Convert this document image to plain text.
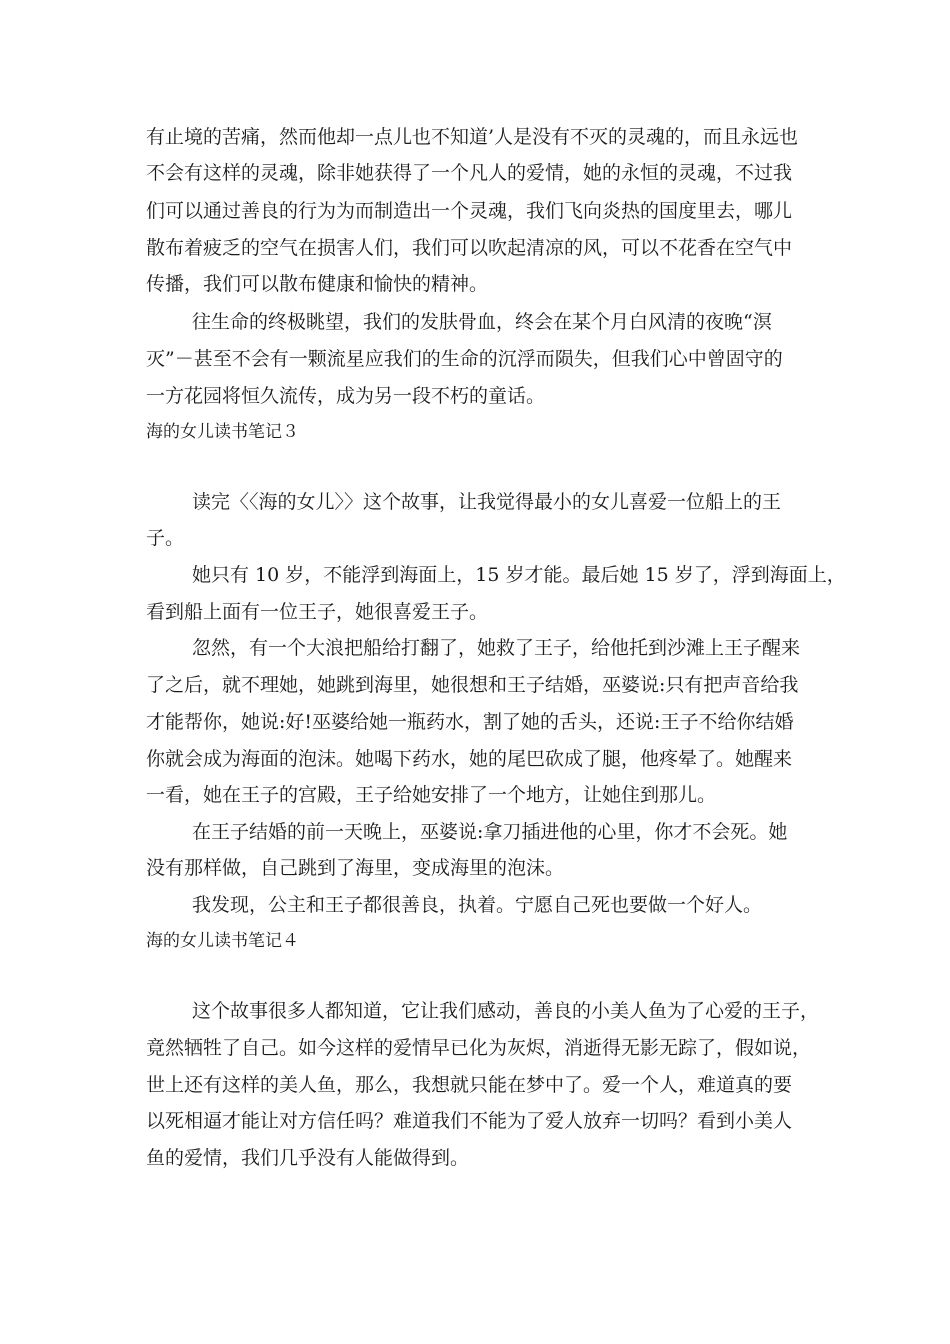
有止境的苦痛，然而他却一点儿也不知道’人是没有不灭的灵魂的，而且永远也
不会有这样的灵魂，除非她获得了一个凡人的爱情，她的永恒的灵魂，不过我
们可以通过善良的行为为而制造出一个灵魂，我们飞向炎热的国度里去，哪儿
散布着疲乏的空气在损害人们，我们可以吹起清凉的风，可以不花香在空气中
传播，我们可以散布健康和愉快的精神。
往生命的终极眺望，我们的发肤骨血，终会在某个月白风清的夜晚“溟
灭”－甚至不会有一颗流星应我们的生命的沉浮而陨失，但我们心中曾固守的
一方花园将恒久流传，成为另一段不朽的童话。
海的女儿读书笔记３
读完〈〈海的女儿〉〉这个故事，让我觉得最小的女儿喜爱一位船上的王
子。
她只有 10 岁，不能浮到海面上，15 岁才能。最后她 15 岁了，浮到海面上，
看到船上面有一位王子，她很喜爱王子。
忽然，有一个大浪把船给打翻了，她救了王子，给他托到沙滩上王子醒来
了之后，就不理她，她跳到海里，她很想和王子结婚，巫婆说:只有把声音给我
才能帮你，她说:好!巫婆给她一瓶药水，割了她的舌头，还说:王子不给你结婚
你就会成为海面的泡沫。她喝下药水，她的尾巴砍成了腿，他疼晕了。她醒来
一看，她在王子的宫殿，王子给她安排了一个地方，让她住到那儿。
在王子结婚的前一天晚上，巫婆说:拿刀插进他的心里，你才不会死。她
没有那样做，自己跳到了海里，变成海里的泡沫。
我发现，公主和王子都很善良，执着。宁愿自己死也要做一个好人。
海的女儿读书笔记４
这个故事很多人都知道，它让我们感动，善良的小美人鱼为了心爱的王子，
竟然牺牲了自己。如今这样的爱情早已化为灰烬，消逝得无影无踪了，假如说，
世上还有这样的美人鱼，那么，我想就只能在梦中了。爱一个人，难道真的要
以死相逼才能让对方信任吗？难道我们不能为了爱人放弃一切吗？看到小美人
鱼的爱情，我们几乎没有人能做得到。
